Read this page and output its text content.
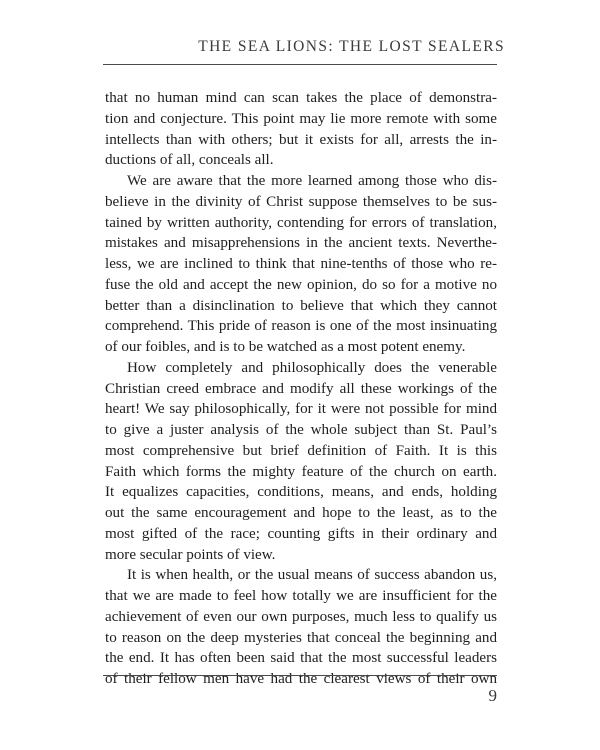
THE SEA LIONS: THE LOST SEALERS
that no human mind can scan takes the place of demonstra-
tion and conjecture. This point may lie more remote with some
intellects than with others; but it exists for all, arrests the in-
ductions of all, conceals all.
We are aware that the more learned among those who dis-
believe in the divinity of Christ suppose themselves to be sus-
tained by written authority, contending for errors of translation,
mistakes and misapprehensions in the ancient texts. Neverthe-
less, we are inclined to think that nine-tenths of those who re-
fuse the old and accept the new opinion, do so for a motive no
better than a disinclination to believe that which they cannot
comprehend. This pride of reason is one of the most insinuating
of our foibles, and is to be watched as a most potent enemy.
How completely and philosophically does the venerable
Christian creed embrace and modify all these workings of the
heart! We say philosophically, for it were not possible for mind
to give a juster analysis of the whole subject than St. Paul’s
most comprehensive but brief definition of Faith. It is this
Faith which forms the mighty feature of the church on earth.
It equalizes capacities, conditions, means, and ends, holding
out the same encouragement and hope to the least, as to the
most gifted of the race; counting gifts in their ordinary and
more secular points of view.
It is when health, or the usual means of success abandon us,
that we are made to feel how totally we are insufficient for the
achievement of even our own purposes, much less to qualify us
to reason on the deep mysteries that conceal the beginning and
the end. It has often been said that the most successful leaders
of their fellow men have had the clearest views of their own
9
